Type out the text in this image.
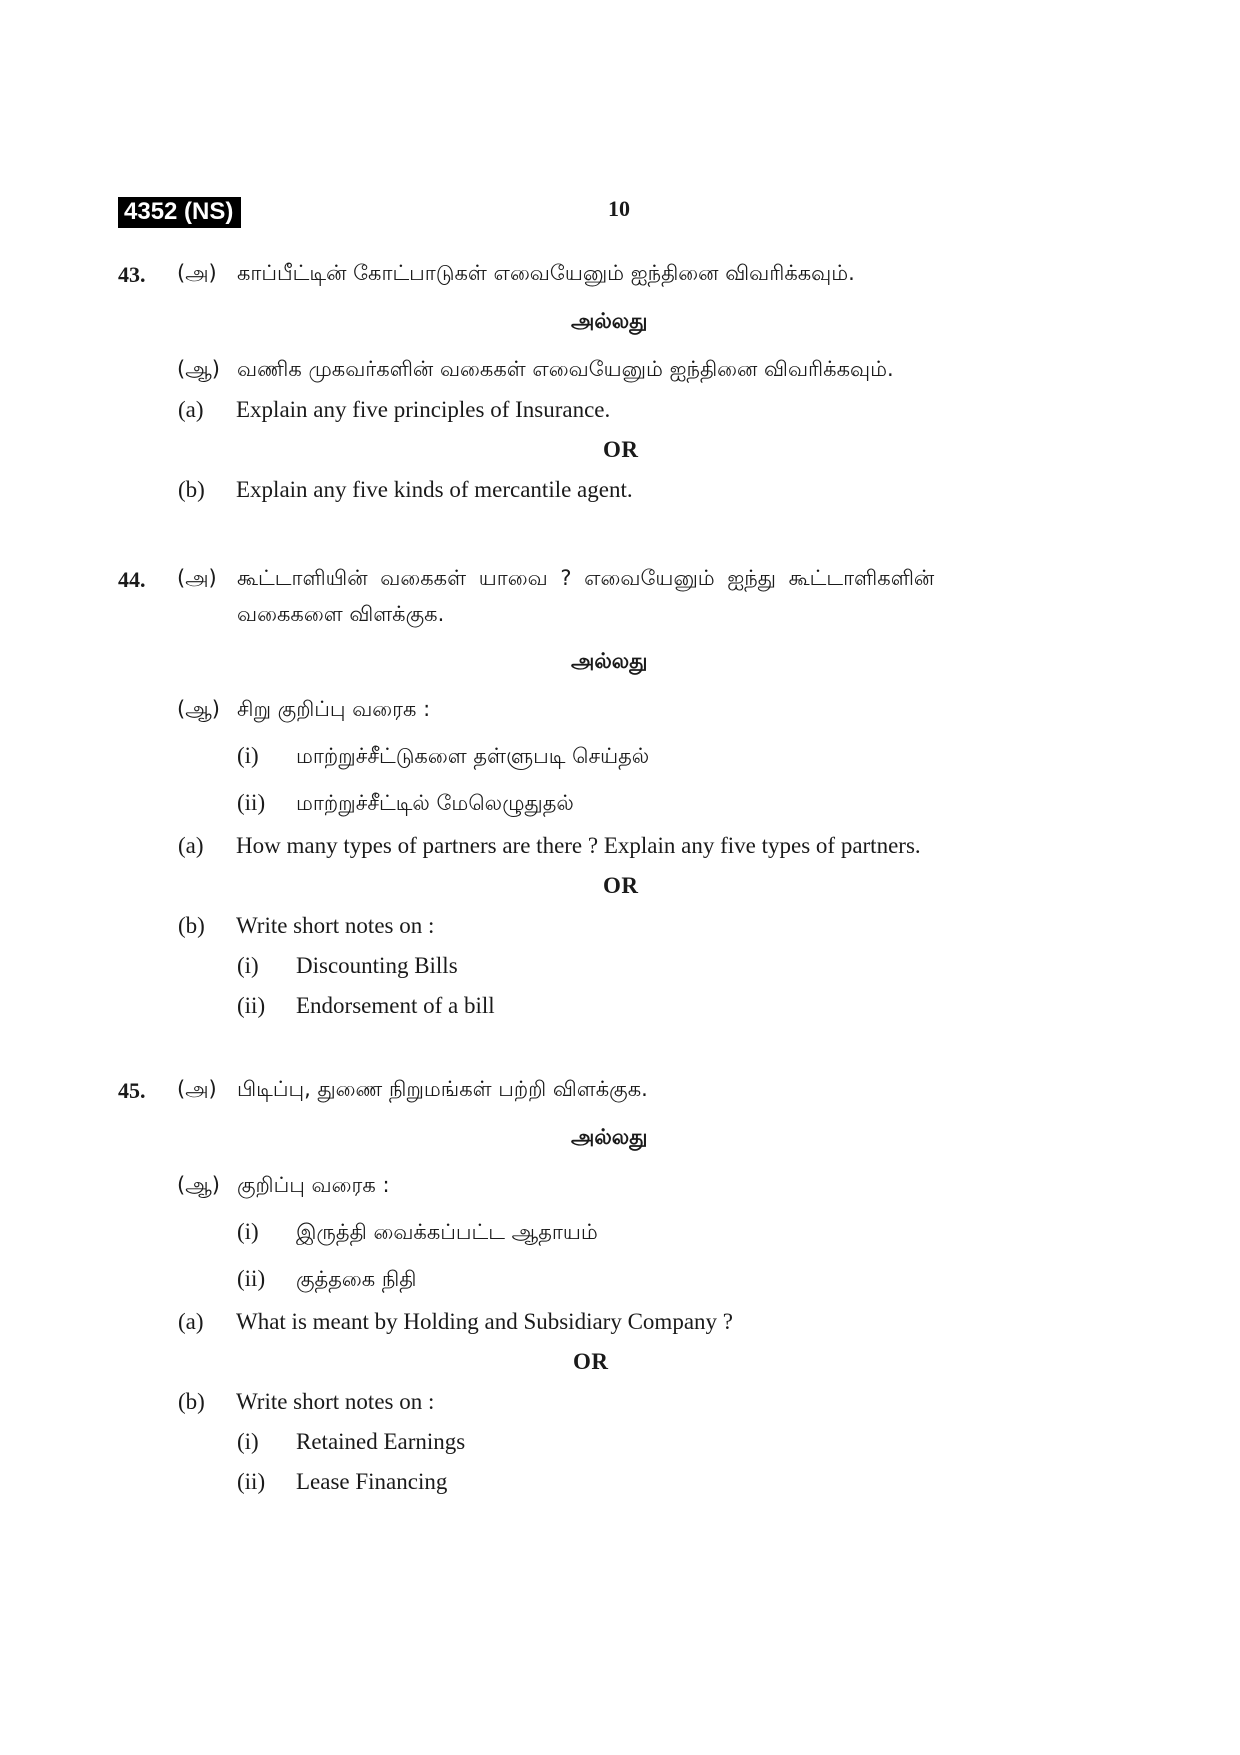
4352 (NS)	10
43. (அ) காப்பீட்டின் கோட்பாடுகள் எவையேனும் ஐந்தினை விவரிக்கவும்.
அல்லது
(ஆ) வணிக முகவர்களின் வகைகள் எவையேனும் ஐந்தினை விவரிக்கவும்.
(a) Explain any five principles of Insurance.
OR
(b) Explain any five kinds of mercantile agent.
44. (அ) கூட்டாளியின் வகைகள் யாவை ? எவையேனும் ஐந்து கூட்டாளிகளின்
வகைகளை விளக்குக.
அல்லது
(ஆ) சிறு குறிப்பு வரைக :
(i) மாற்றுச்சீட்டுகளை தள்ளுபடி செய்தல்
(ii) மாற்றுச்சீட்டில் மேலெழுதுதல்
(a) How many types of partners are there ? Explain any five types of partners.
OR
(b) Write short notes on :
(i) Discounting Bills
(ii) Endorsement of a bill
45. (அ) பிடிப்பு, துணை நிறுமங்கள் பற்றி விளக்குக.
அல்லது
(ஆ) குறிப்பு வரைக :
(i) இருத்தி வைக்கப்பட்ட ஆதாயம்
(ii) குத்தகை நிதி
(a) What is meant by Holding and Subsidiary Company ?
OR
(b) Write short notes on :
(i) Retained Earnings
(ii) Lease Financing
